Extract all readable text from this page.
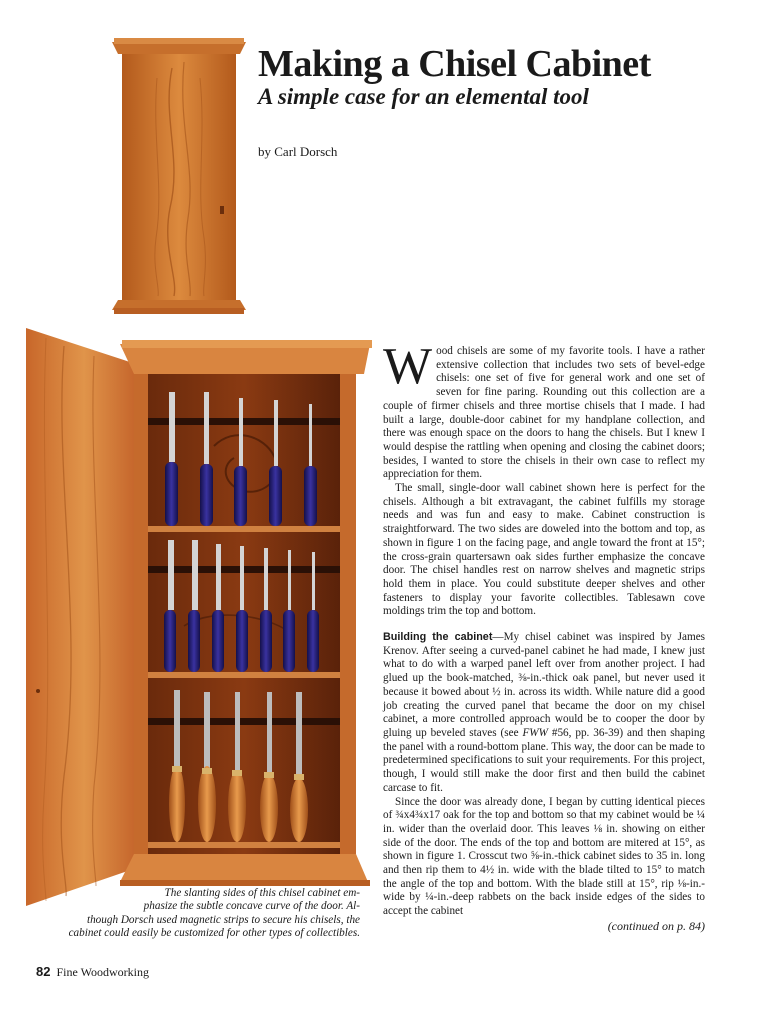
Making a Chisel Cabinet
A simple case for an elemental tool

by Carl Dorsch

The slanting sides of this chisel cabinet em-
phasize the subtle concave curve of the door. Al-
though Dorsch used magnetic strips to secure his chisels, the
cabinet could easily be customized for other types of collectibles.

Wood chisels are some of my favorite tools. I have a rather extensive collection that includes two sets of bevel-edge chisels: one set of five for general work and one set of seven for fine paring. Rounding out this collection are a couple of firmer chisels and three mortise chisels that I made. I had built a large, double-door cabinet for my handplane collection, and there was enough space on the doors to hang the chisels. But I knew I would despise the rattling when opening and closing the cabinet doors; besides, I wanted to store the chisels in their own case to reflect my appreciation for them.

The small, single-door wall cabinet shown here is perfect for the chisels. Although a bit extravagant, the cabinet fulfills my storage needs and was fun and easy to make. Cabinet construction is straightforward. The two sides are doweled into the bottom and top, as shown in figure 1 on the facing page, and angle toward the front at 15°; the cross-grain quartersawn oak sides further emphasize the concave door. The chisel handles rest on narrow shelves and magnetic strips hold them in place. You could substitute deeper shelves and other fasteners to display your favorite collectibles. Tablesawn cove moldings trim the top and bottom.

Building the cabinet—My chisel cabinet was inspired by James Krenov. After seeing a curved-panel cabinet he had made, I knew just what to do with a warped panel left over from another project. I had glued up the book-matched, ⅜-in.-thick oak panel, but never used it because it bowed about ½ in. across its width. While nature did a good job creating the curved panel that became the door on my chisel cabinet, a more controlled approach would be to cooper the door by gluing up beveled staves (see FWW #56, pp. 36-39) and then shaping the panel with a round-bottom plane. This way, the door can be made to predetermined specifications to suit your requirements. For this project, though, I would still make the door first and then build the cabinet carcase to fit.

Since the door was already done, I began by cutting identical pieces of ¾x4¾x17 oak for the top and bottom so that my cabinet would be ¼ in. wider than the overlaid door. This leaves ⅛ in. showing on either side of the door. The ends of the top and bottom are mitered at 15°, as shown in figure 1. Crosscut two ⅝-in.-thick cabinet sides to 35 in. long and then rip them to 4½ in. wide with the blade tilted to 15° to match the angle of the top and bottom. With the blade still at 15°, rip ⅛-in.-wide by ¼-in.-deep rabbets on the back inside edges of the sides to accept the cabinet

(continued on p. 84)

82 Fine Woodworking
